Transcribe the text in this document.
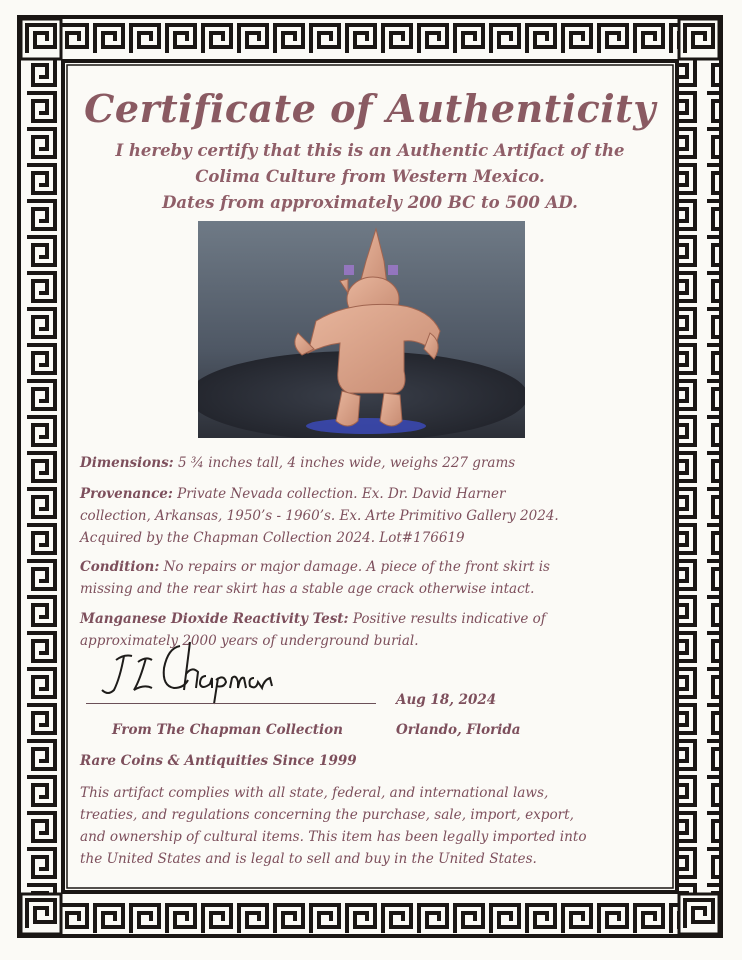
Certificate of Authenticity
I hereby certify that this is an Authentic Artifact of the
Colima Culture from Western Mexico.
Dates from approximately 200 BC to 500 AD.
Dimensions: 5 ¾ inches tall, 4 inches wide, weighs 227 grams
Provenance: Private Nevada collection. Ex. Dr. David Harner
collection, Arkansas, 1950’s - 1960’s. Ex. Arte Primitivo Gallery 2024.
Acquired by the Chapman Collection 2024. Lot#176619
Condition: No repairs or major damage. A piece of the front skirt is
missing and the rear skirt has a stable age crack otherwise intact.
Manganese Dioxide Reactivity Test: Positive results indicative of
approximately 2000 years of underground burial.
From The Chapman Collection
Aug 18, 2024
Orlando, Florida
Rare Coins & Antiquities Since 1999
This artifact complies with all state, federal, and international laws,
treaties, and regulations concerning the purchase, sale, import, export,
and ownership of cultural items. This item has been legally imported into
the United States and is legal to sell and buy in the United States.
